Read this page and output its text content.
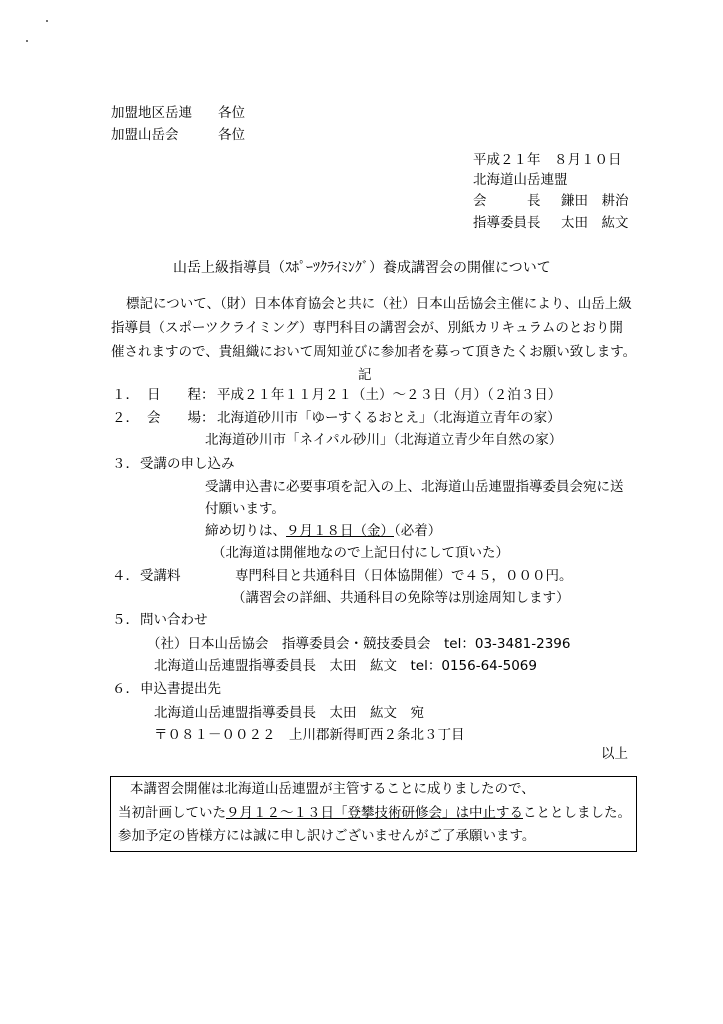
加盟地区岳連 各位
加盟山岳会	各位
平成２１年　８月１０日
北海道山岳連盟
会　　　長 鎌田　耕治
指導委員長 太田　紘文
山岳上級指導員（ｽﾎﾟｰﾂｸﾗｲﾐﾝｸﾞ）養成講習会の開催について
標記について、（財）日本体育協会と共に（社）日本山岳協会主催により、山岳上級
指導員（スポーツクライミング）専門科目の講習会が、別紙カリキュラムのとおり開
催されますので、貴組織において周知並びに参加者を募って頂きたくお願い致します。
記
１． 日　　程： 平成２１年１１月２１（土）～２３日（月）（２泊３日）
２． 会　　場： 北海道砂川市「ゆーすくるおとえ」（北海道立青年の家）
北海道砂川市「ネイパル砂川」（北海道立青少年自然の家）
３． 受講の申し込み
受講申込書に必要事項を記入の上、北海道山岳連盟指導委員会宛に送
付願います。
締め切りは、９月１８日（金）（必着）
（北海道は開催地なので上記日付にして頂いた）
４． 受講料	専門科目と共通科目（日体協開催）で４５，０００円。
（講習会の詳細、共通科目の免除等は別途周知します）
５． 問い合わせ
（社）日本山岳協会　指導委員会・競技委員会　tel：03-3481-2396
北海道山岳連盟指導委員長　太田　紘文　tel：0156-64-5069
６． 申込書提出先
北海道山岳連盟指導委員長　太田　紘文　宛
〒０８１－００２２　上川郡新得町西２条北３丁目
以上
本講習会開催は北海道山岳連盟が主管することに成りましたので、
当初計画していた９月１２～１３日「登攀技術研修会」は中止することとしました。
参加予定の皆様方には誠に申し訳けございませんがご了承願います。
